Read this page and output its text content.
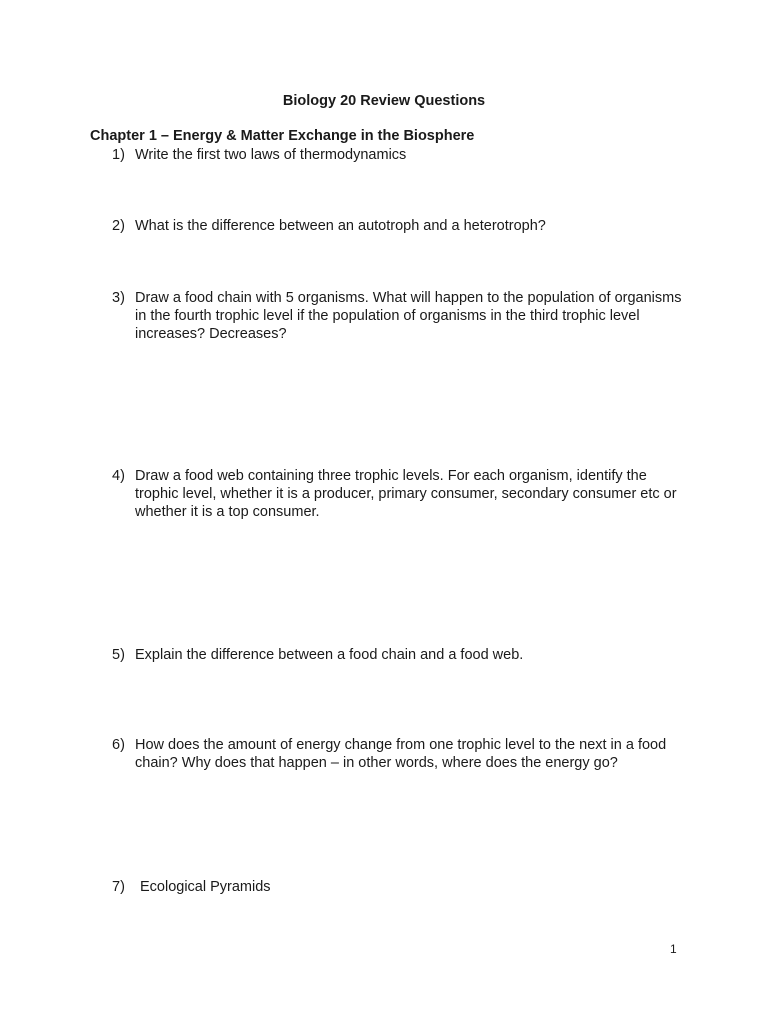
Biology 20 Review Questions
Chapter 1 – Energy & Matter Exchange in the Biosphere
1) Write the first two laws of thermodynamics
2) What is the difference between an autotroph and a heterotroph?
3) Draw a food chain with 5 organisms. What will happen to the population of organisms in the fourth trophic level if the population of organisms in the third trophic level increases? Decreases?
4) Draw a food web containing three trophic levels. For each organism, identify the trophic level, whether it is a producer, primary consumer, secondary consumer etc or whether it is a top consumer.
5) Explain the difference between a food chain and a food web.
6) How does the amount of energy change from one trophic level to the next in a food chain? Why does that happen – in other words, where does the energy go?
7) Ecological Pyramids
1
